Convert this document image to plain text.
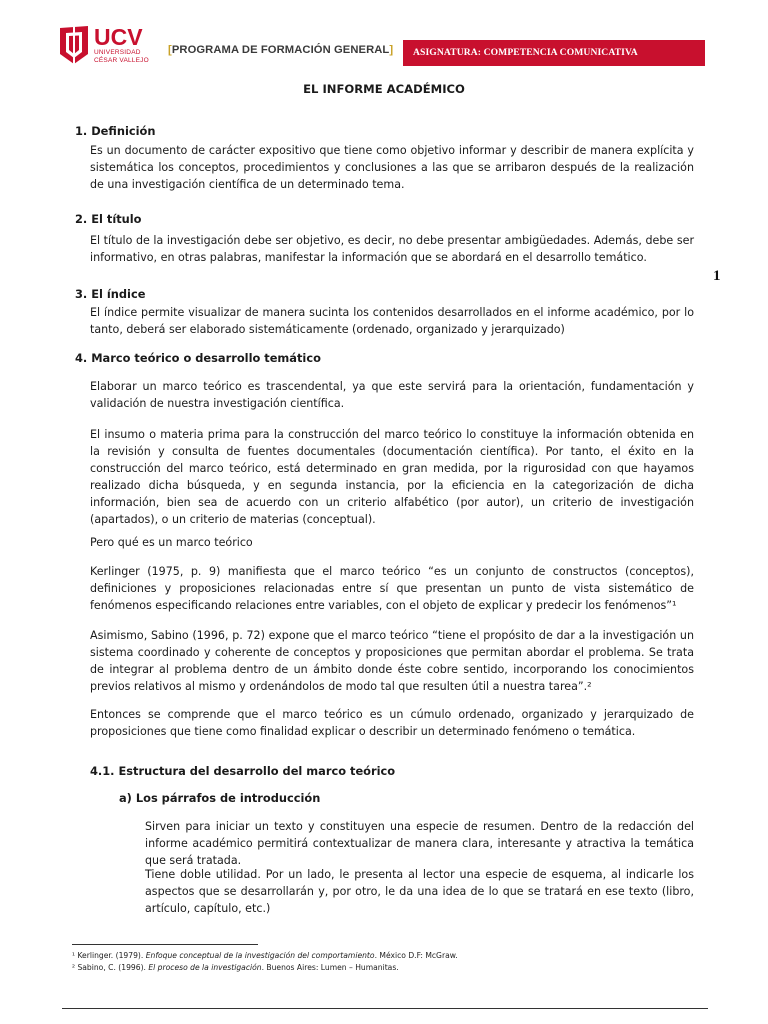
UCV
UNIVERSIDAD
CÉSAR VALLEJO
[PROGRAMA DE FORMACIÓN GENERAL] ASIGNATURA: COMPETENCIA COMUNICATIVA
1
EL INFORME ACADÉMICO
1. Definición
Es un documento de carácter expositivo que tiene como objetivo informar y describir de manera explícita y sistemática los conceptos, procedimientos y conclusiones a las que se arribaron después de la realización de una investigación científica de un determinado tema.
2. El título
El título de la investigación debe ser objetivo, es decir, no debe presentar ambigüedades. Además, debe ser informativo, en otras palabras, manifestar la información que se abordará en el desarrollo temático.
3. El índice
El índice permite visualizar de manera sucinta los contenidos desarrollados en el informe académico, por lo tanto, deberá ser elaborado sistemáticamente (ordenado, organizado y jerarquizado)
4. Marco teórico o desarrollo temático
Elaborar un marco teórico es trascendental, ya que este servirá para la orientación, fundamentación y validación de nuestra investigación científica.
El insumo o materia prima para la construcción del marco teórico lo constituye la información obtenida en la revisión y consulta de fuentes documentales (documentación científica). Por tanto, el éxito en la construcción del marco teórico, está determinado en gran medida, por la rigurosidad con que hayamos realizado dicha búsqueda, y en segunda instancia, por la eficiencia en la categorización de dicha información, bien sea de acuerdo con un criterio alfabético (por autor), un criterio de investigación (apartados), o un criterio de materias (conceptual).
Pero qué es un marco teórico
Kerlinger (1975, p. 9) manifiesta que el marco teórico “es un conjunto de constructos (conceptos), definiciones y proposiciones relacionadas entre sí que presentan un punto de vista sistemático de fenómenos especificando relaciones entre variables, con el objeto de explicar y predecir los fenómenos”¹
Asimismo, Sabino (1996, p. 72) expone que el marco teórico “tiene el propósito de dar a la investigación un sistema coordinado y coherente de conceptos y proposiciones que permitan abordar el problema. Se trata de integrar al problema dentro de un ámbito donde éste cobre sentido, incorporando los conocimientos previos relativos al mismo y ordenándolos de modo tal que resulten útil a nuestra tarea”.²
Entonces se comprende que el marco teórico es un cúmulo ordenado, organizado y jerarquizado de proposiciones que tiene como finalidad explicar o describir un determinado fenómeno o temática.
4.1. Estructura del desarrollo del marco teórico
a) Los párrafos de introducción
Sirven para iniciar un texto y constituyen una especie de resumen. Dentro de la redacción del informe académico permitirá contextualizar de manera clara, interesante y atractiva la temática que será tratada.
Tiene doble utilidad. Por un lado, le presenta al lector una especie de esquema, al indicarle los aspectos que se desarrollarán y, por otro, le da una idea de lo que se tratará en ese texto (libro, artículo, capítulo, etc.)
¹ Kerlinger. (1979). Enfoque conceptual de la investigación del comportamiento. México D.F: McGraw.
² Sabino, C. (1996). El proceso de la investigación. Buenos Aires: Lumen – Humanitas.
